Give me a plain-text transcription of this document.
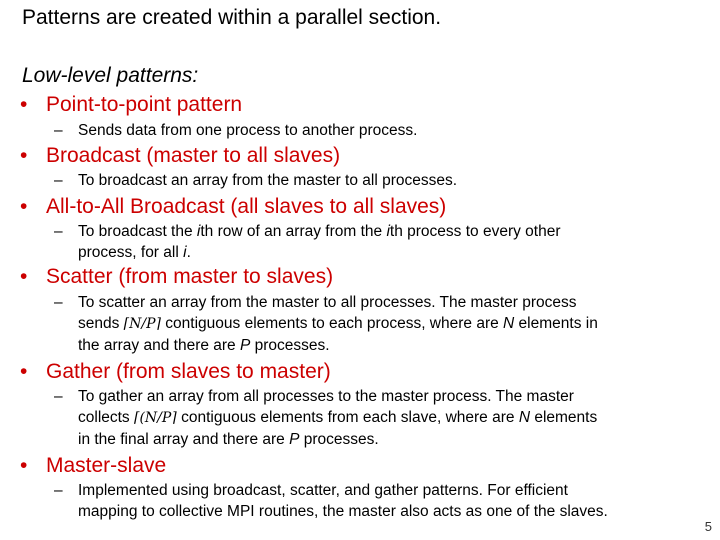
Patterns are created within a parallel section.
Low-level patterns:
• Point-to-point pattern
– Sends data from one process to another process.
• Broadcast (master to all slaves)
– To broadcast an array from the master to all processes.
• All-to-All Broadcast (all slaves to all slaves)
– To broadcast the ith row of an array from the ith process to every other
process, for all i.
• Scatter (from master to slaves)
– To scatter an array from the master to all processes. The master process
sends ⌈N/P⌉ contiguous elements to each process, where are N elements in
the array and there are P processes.
• Gather (from slaves to master)
– To gather an array from all processes to the master process. The master
collects ⌈(N/P⌉ contiguous elements from each slave, where are N elements
in the final array and there are P processes.
• Master-slave
– Implemented using broadcast, scatter, and gather patterns. For efficient
mapping to collective MPI routines, the master also acts as one of the slaves.
5
